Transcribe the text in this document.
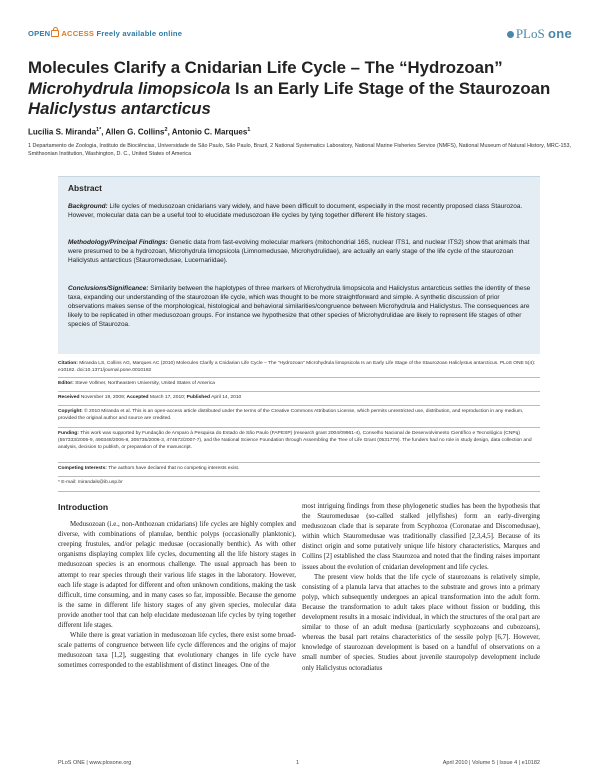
OPEN ACCESS Freely available online	PLoS one
Molecules Clarify a Cnidarian Life Cycle – The “Hydrozoan” Microhydrula limopsicola Is an Early Life Stage of the Staurozoan Haliclystus antarcticus
Lucília S. Miranda$^{1*}$, Allen G. Collins$^2$, Antonio C. Marques$^1$

1 Departamento de Zoologia, Instituto de Biociências, Universidade de São Paulo, São Paulo, Brazil, 2 National Systematics Laboratory, National Marine Fisheries Service (NMFS), National Museum of Natural History, MRC-153, Smithsonian Institution, Washington, D. C., United States of America

Abstract

Background: Life cycles of medusozoan cnidarians vary widely, and have been difficult to document, especially in the most recently proposed class Staurozoa. However, molecular data can be a useful tool to elucidate medusozoan life cycles by tying together different life history stages.

Methodology/Principal Findings: Genetic data from fast-evolving molecular markers (mitochondrial 16S, nuclear ITS1, and nuclear ITS2) show that animals that were presumed to be a hydrozoan, Microhydrula limopsicola (Limnomedusae, Microhydrulidae), are actually an early stage of the life cycle of the staurozoan Haliclystus antarcticus (Stauromedusae, Lucernariidae).

Conclusions/Significance: Similarity between the haplotypes of three markers of Microhydrula limopsicola and Haliclystus antarcticus settles the identity of these taxa, expanding our understanding of the staurozoan life cycle, which was thought to be more straightforward and simple. A synthetic discussion of prior observations makes sense of the morphological, histological and behavioral similarities/congruence between Microhydrula and Haliclystus. The consequences are likely to be replicated in other medusozoan groups. For instance we hypothesize that other species of Microhydrulidae are likely to represent life stages of other species of Staurozoa.

Citation: Miranda LS, Collins AG, Marques AC (2010) Molecules Clarify a Cnidarian Life Cycle – The “Hydrozoan” Microhydrula limopsicola Is an Early Life Stage of the Staurozoan Haliclystus antarcticus. PLoS ONE 5(4): e10182. doi:10.1371/journal.pone.0010182

Editor: Steve Vollmer, Northeastern University, United States of America

Received November 19, 2009; Accepted March 17, 2010; Published April 14, 2010

Copyright: © 2010 Miranda et al. This is an open-access article distributed under the terms of the Creative Commons Attribution License, which permits unrestricted use, distribution, and reproduction in any medium, provided the original author and source are credited.

Funding: This work was supported by Fundação de Amparo à Pesquisa do Estado de São Paulo (FAPESP) (research grant 2004/09961-4), Conselho Nacional de Desenvolvimento Científico e Tecnológico (CNPq) (557333/2005-9, 490348/2006-8, 305735/2006-3, 474672/2007-7), and the National Science Foundation through Assembling the Tree of Life Grant (0531779). The funders had no role in study design, data collection and analysis, decision to publish, or preparation of the manuscript.

Competing Interests: The authors have declared that no competing interests exist.

* E-mail: mirandals@ib.usp.br

Introduction

Medusozoan (i.e., non-Anthozoan cnidarians) life cycles are highly complex and diverse, with combinations of planulae, benthic polyps (occasionally planktonic), creeping frustules, and/or pelagic medusae (occasionally benthic). As with other organisms displaying complex life cycles, documenting all the life history stages in medusozoan species is an enormous challenge. The usual approach has been to attempt to rear species through their various life stages in the laboratory. However, each life stage is adapted for different and often unknown conditions, making the task difficult, time consuming, and in many cases so far, impossible. Because the genome is the same in different life history stages of any given species, molecular data provide another tool that can help elucidate medusozoan life cycles by tying together different life stages.

While there is great variation in medusozoan life cycles, there exist some broad-scale patterns of congruence between life cycle differences and the origins of major medusozoan taxa [1,2], suggesting that evolutionary changes in life cycle have sometimes corresponded to the establishment of distinct lineages. One of the

most intriguing findings from these phylogenetic studies has been the hypothesis that the Stauromedusae (so-called stalked jellyfishes) form an early-diverging medusozoan clade that is separate from Scyphozoa (Coronatae and Discomedusae), within which Stauromedusae was traditionally classified [2,3,4,5]. Because of its distinct origin and some putatively unique life history characteristics, Marques and Collins [2] established the class Staurozoa and noted that the finding raises important issues about the evolution of cnidarian development and life cycles.

The present view holds that the life cycle of staurozoans is relatively simple, consisting of a planula larva that attaches to the substrate and grows into a primary polyp, which subsequently undergoes an apical transformation into the adult form. Because the transformation to adult takes place without fission or budding, this development results in a mosaic individual, in which the structures of the oral part are similar to those of an adult medusa (particularly scyphozoans and cubozoans), whereas the basal part retains characteristics of the sessile polyp [6,7]. However, knowledge of staurozoan development is based on a handful of observations on a small number of species. Studies about juvenile stauropolyp development include only Haliclystus octoradiatus

PLoS ONE | www.plosone.org	1	April 2010 | Volume 5 | Issue 4 | e10182
